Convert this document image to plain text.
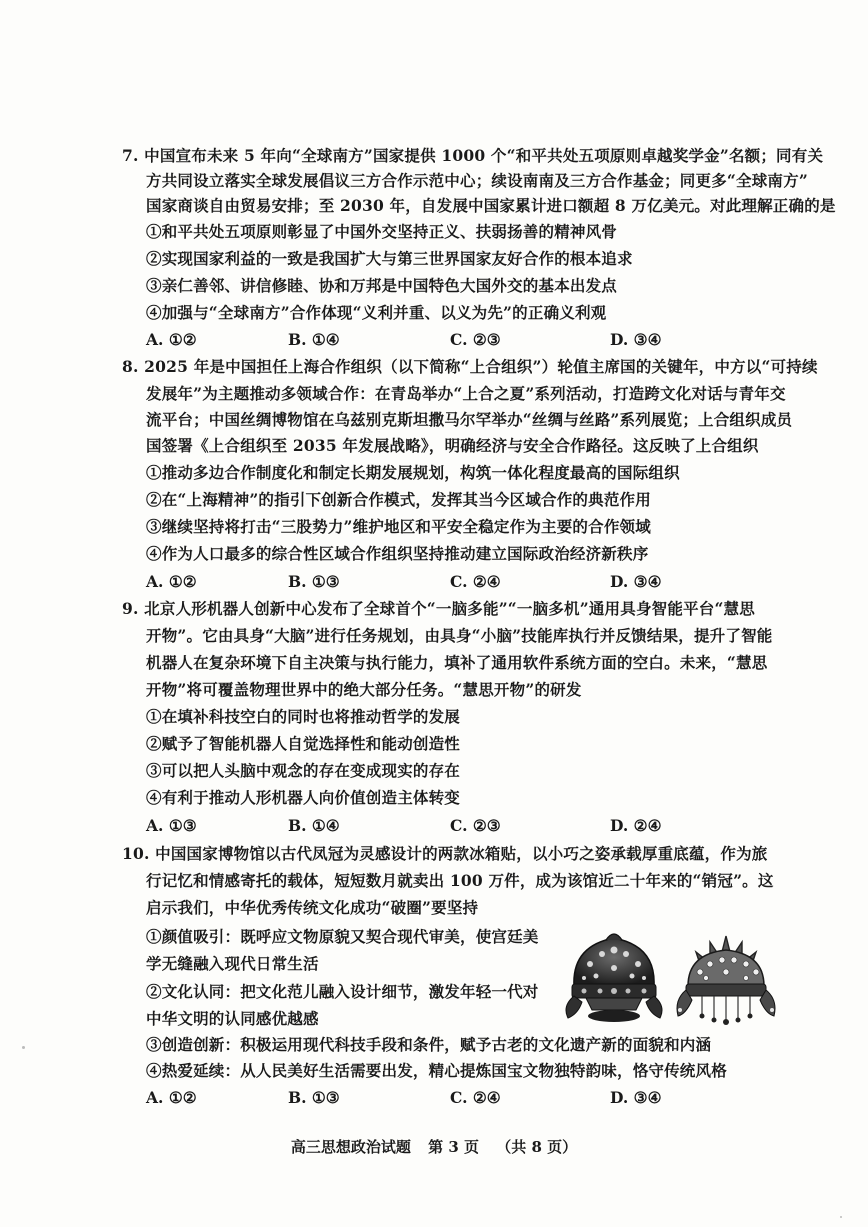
7. 中国宣布未来 5 年向“全球南方”国家提供 1000 个“和平共处五项原则卓越奖学金”名额；同有关
方共同设立落实全球发展倡议三方合作示范中心；续设南南及三方合作基金；同更多“全球南方”
国家商谈自由贸易安排；至 2030 年，自发展中国家累计进口额超 8 万亿美元。对此理解正确的是
①和平共处五项原则彰显了中国外交坚持正义、扶弱扬善的精神风骨
②实现国家利益的一致是我国扩大与第三世界国家友好合作的根本追求
③亲仁善邻、讲信修睦、协和万邦是中国特色大国外交的基本出发点
④加强与“全球南方”合作体现“义利并重、以义为先”的正确义利观
A. ①②	B. ①④	C. ②③	D. ③④
8. 2025 年是中国担任上海合作组织（以下简称“上合组织”）轮值主席国的关键年，中方以“可持续
发展年”为主题推动多领域合作：在青岛举办“上合之夏”系列活动，打造跨文化对话与青年交
流平台；中国丝绸博物馆在乌兹别克斯坦撒马尔罕举办“丝绸与丝路”系列展览；上合组织成员
国签署《上合组织至 2035 年发展战略》，明确经济与安全合作路径。这反映了上合组织
①推动多边合作制度化和制定长期发展规划，构筑一体化程度最高的国际组织
②在“上海精神”的指引下创新合作模式，发挥其当今区域合作的典范作用
③继续坚持将打击“三股势力”维护地区和平安全稳定作为主要的合作领域
④作为人口最多的综合性区域合作组织坚持推动建立国际政治经济新秩序
A. ①②	B. ①③	C. ②④	D. ③④
9. 北京人形机器人创新中心发布了全球首个“一脑多能”“一脑多机”通用具身智能平台“慧思
开物”。它由具身“大脑”进行任务规划，由具身“小脑”技能库执行并反馈结果，提升了智能
机器人在复杂环境下自主决策与执行能力，填补了通用软件系统方面的空白。未来，“慧思
开物”将可覆盖物理世界中的绝大部分任务。“慧思开物”的研发
①在填补科技空白的同时也将推动哲学的发展
②赋予了智能机器人自觉选择性和能动创造性
③可以把人头脑中观念的存在变成现实的存在
④有利于推动人形机器人向价值创造主体转变
A. ①③	B. ①④	C. ②③	D. ②④
10. 中国国家博物馆以古代凤冠为灵感设计的两款冰箱贴，以小巧之姿承载厚重底蕴，作为旅
行记忆和情感寄托的载体，短短数月就卖出 100 万件，成为该馆近二十年来的“销冠”。这
启示我们，中华优秀传统文化成功“破圈”要坚持
①颜值吸引：既呼应文物原貌又契合现代审美，使宫廷美
学无缝融入现代日常生活
②文化认同：把文化范儿融入设计细节，激发年轻一代对
中华文明的认同感优越感
③创造创新：积极运用现代科技手段和条件，赋予古老的文化遗产新的面貌和内涵
④热爱延续：从人民美好生活需要出发，精心提炼国宝文物独特韵味，恪守传统风格
A. ①②	B. ①③	C. ②④	D. ③④
高三思想政治试题 第 3 页 （共 8 页）
